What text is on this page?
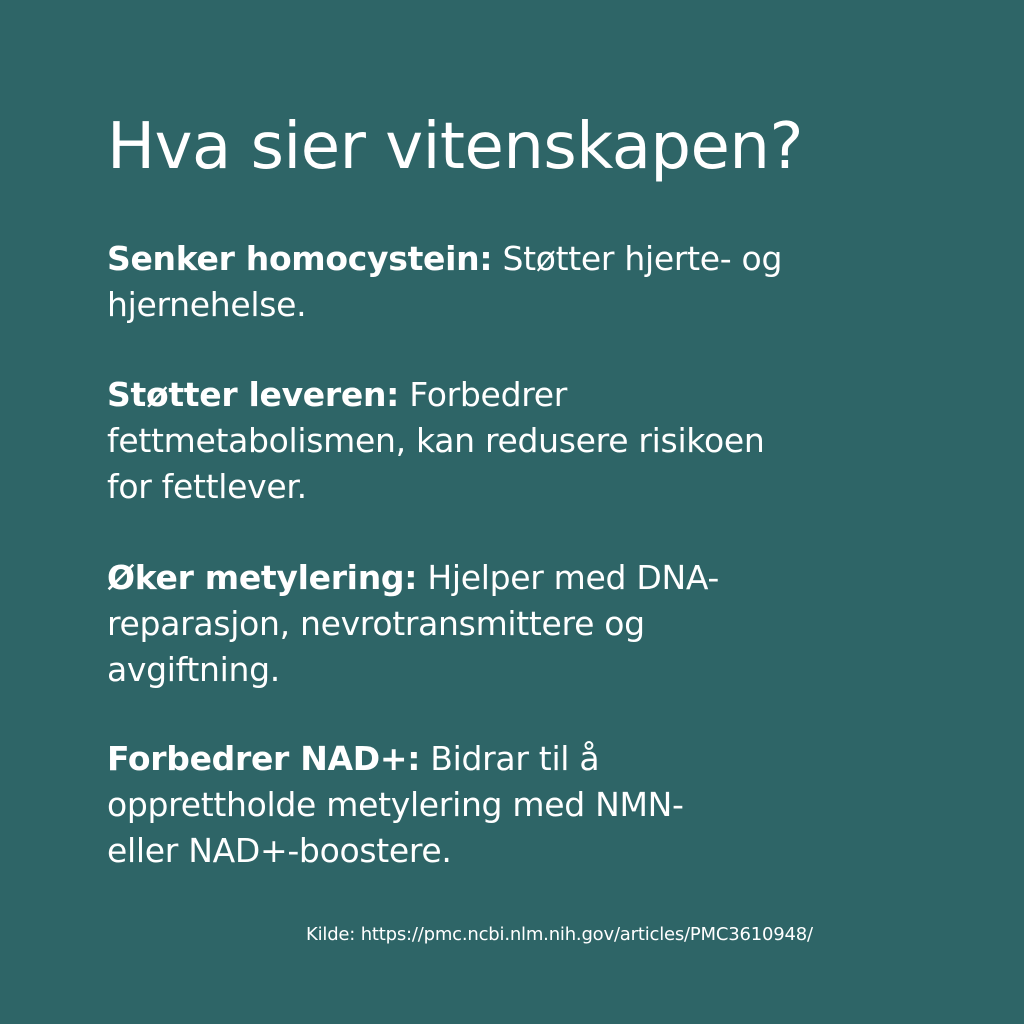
Hva sier vitenskapen?

Senker homocystein: Støtter hjerte- og
hjernehelse.

Støtter leveren: Forbedrer
fettmetabolismen, kan redusere risikoen
for fettlever.

Øker metylering: Hjelper med DNA-
reparasjon, nevrotransmittere og
avgiftning.

Forbedrer NAD+: Bidrar til å
opprettholde metylering med NMN-
eller NAD+-boostere.

Kilde: https://pmc.ncbi.nlm.nih.gov/articles/PMC3610948/
